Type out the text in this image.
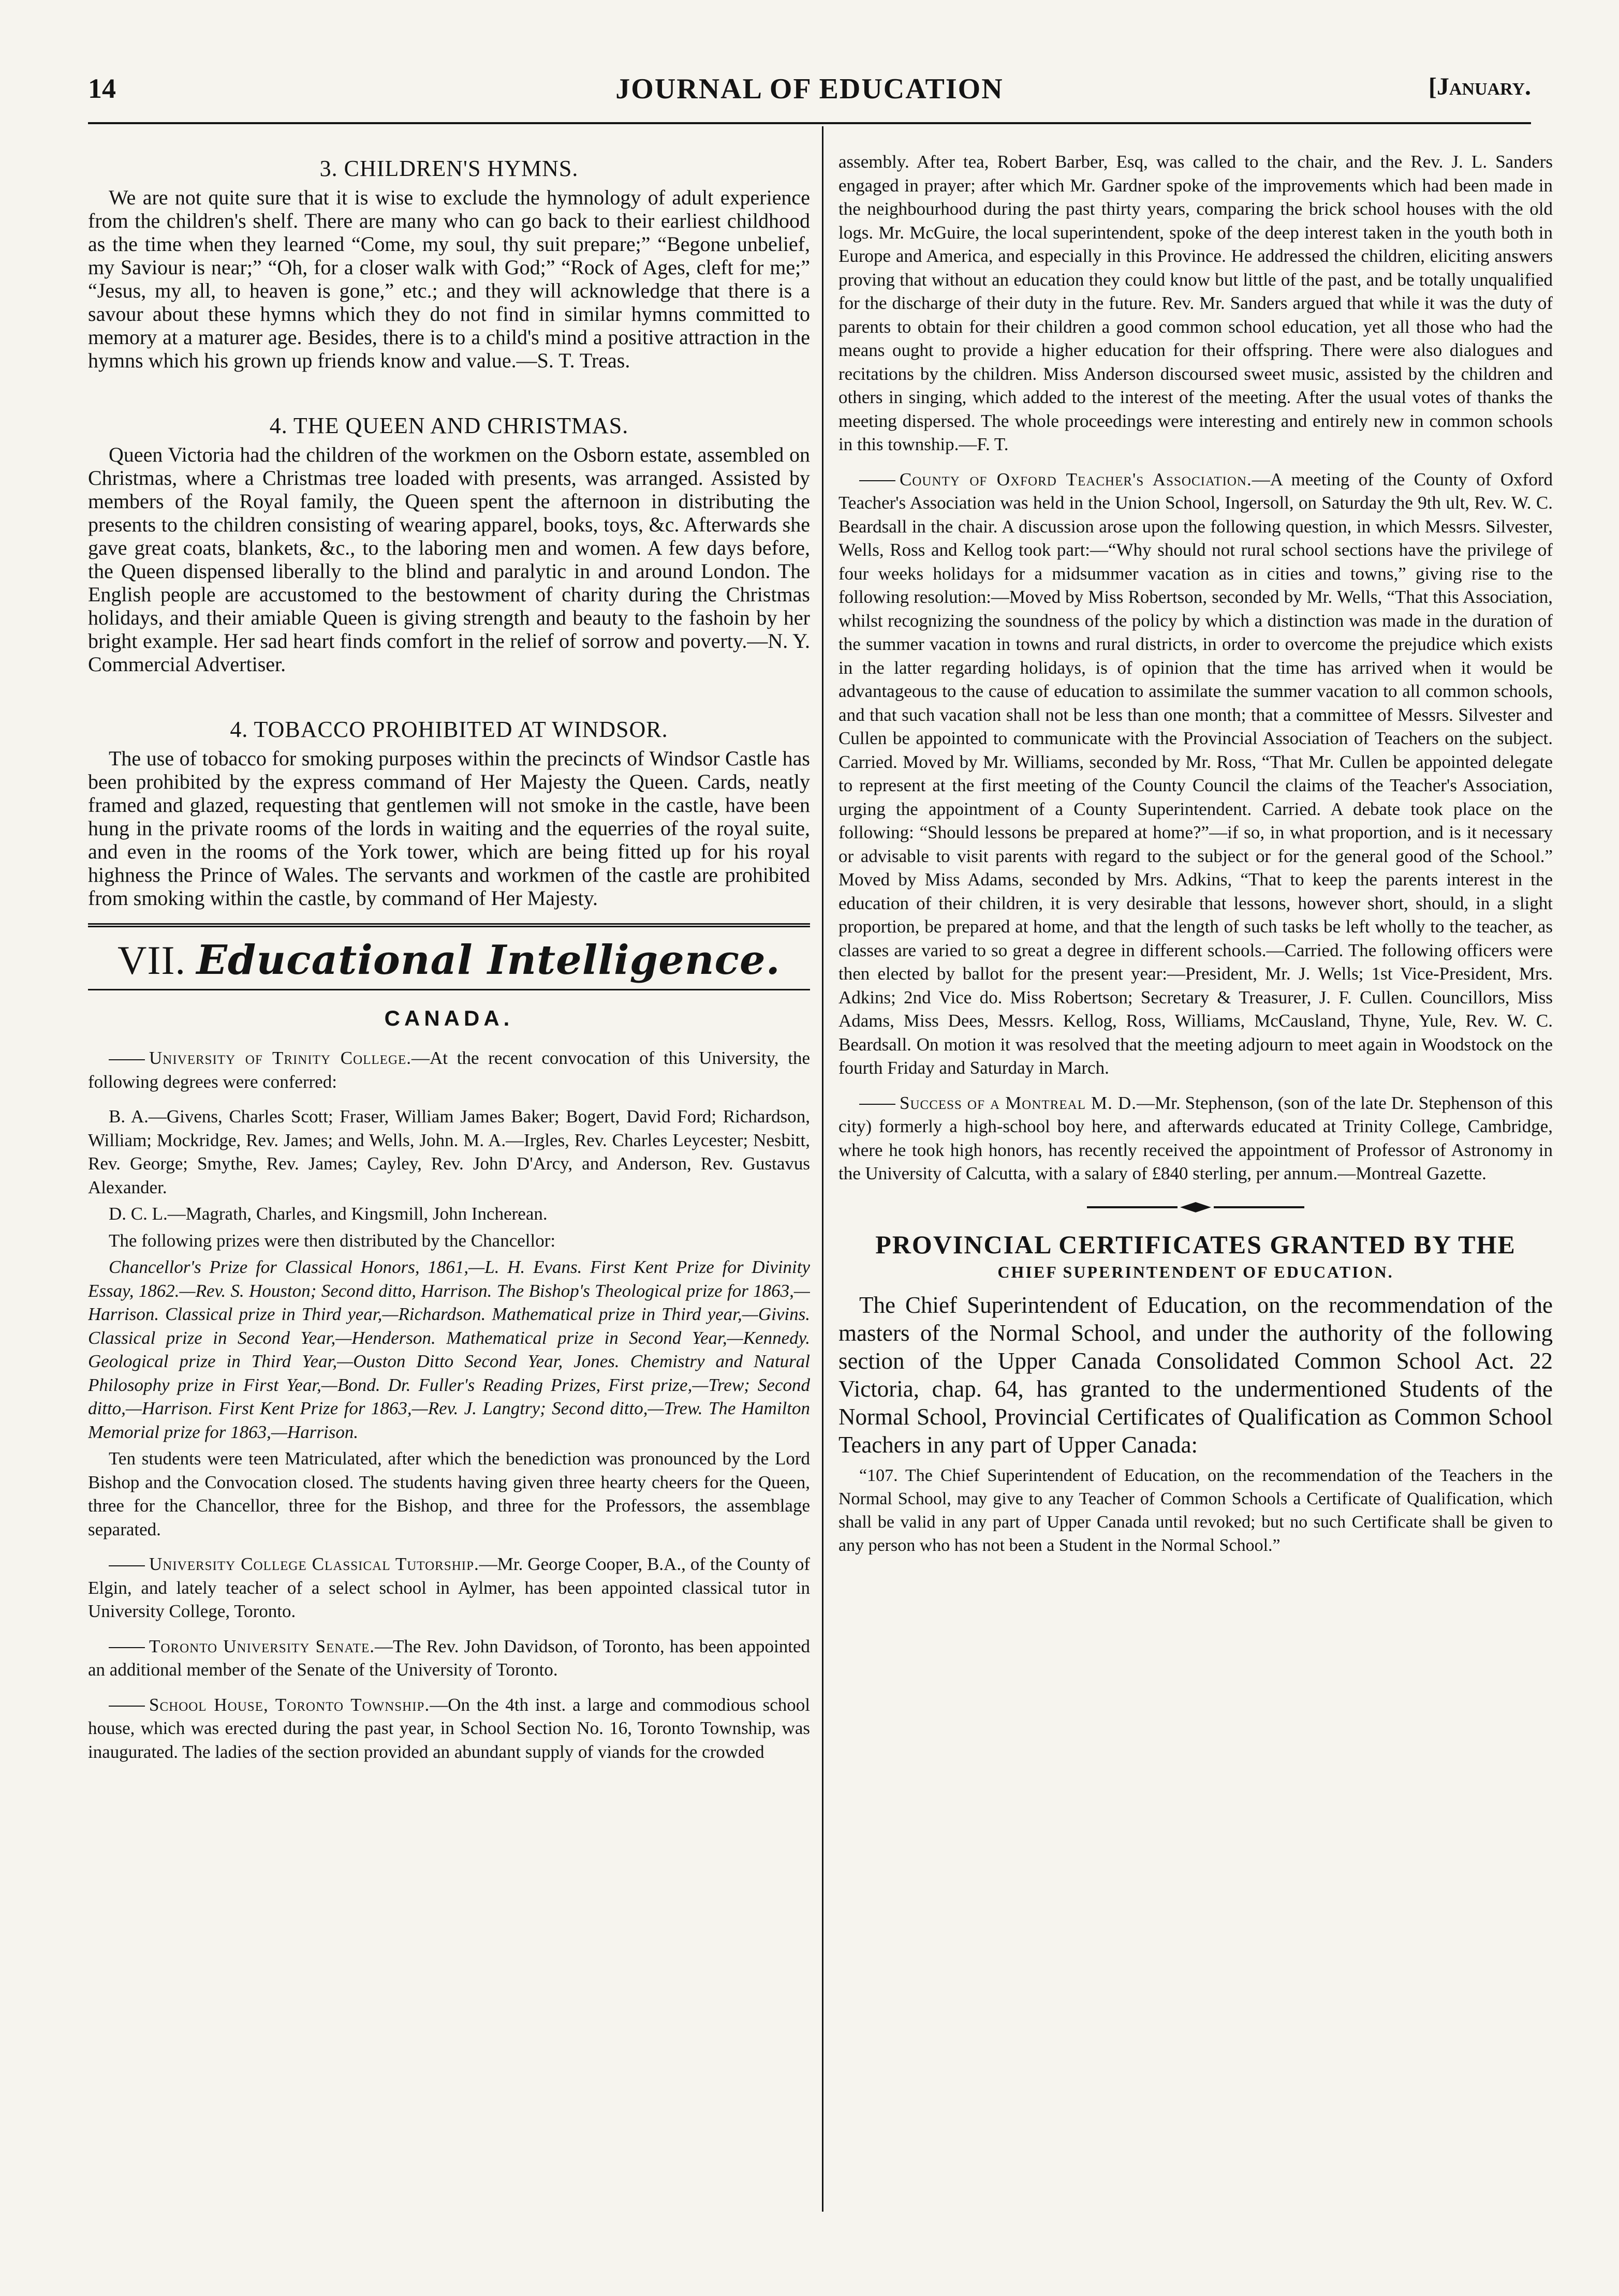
14	JOURNAL OF EDUCATION	[January.
3. CHILDREN'S HYMNS.

We are not quite sure that it is wise to exclude the hymnology of adult experience from the children's shelf. There are many who can go back to their earliest childhood as the time when they learned “Come, my soul, thy suit prepare;” “Begone unbelief, my Saviour is near;” “Oh, for a closer walk with God;” “Rock of Ages, cleft for me;” “Jesus, my all, to heaven is gone,” etc.; and they will acknowledge that there is a savour about these hymns which they do not find in similar hymns committed to memory at a maturer age. Besides, there is to a child's mind a positive attraction in the hymns which his grown up friends know and value.—S. T. Treas.

4. THE QUEEN AND CHRISTMAS.

Queen Victoria had the children of the workmen on the Osborn estate, assembled on Christmas, where a Christmas tree loaded with presents, was arranged. Assisted by members of the Royal family, the Queen spent the afternoon in distributing the presents to the children consisting of wearing apparel, books, toys, &c. Afterwards she gave great coats, blankets, &c., to the laboring men and women. A few days before, the Queen dispensed liberally to the blind and paralytic in and around London. The English people are accustomed to the bestowment of charity during the Christmas holidays, and their amiable Queen is giving strength and beauty to the fashoin by her bright example. Her sad heart finds comfort in the relief of sorrow and poverty.—N. Y. Commercial Advertiser.

4. TOBACCO PROHIBITED AT WINDSOR.

The use of tobacco for smoking purposes within the precincts of Windsor Castle has been prohibited by the express command of Her Majesty the Queen. Cards, neatly framed and glazed, requesting that gentlemen will not smoke in the castle, have been hung in the private rooms of the lords in waiting and the equerries of the royal suite, and even in the rooms of the York tower, which are being fitted up for his royal highness the Prince of Wales. The servants and workmen of the castle are prohibited from smoking within the castle, by command of Her Majesty.

VII. Educational Intelligence.
CANADA.

University of Trinity College.—At the recent convocation of this University, the following degrees were conferred:

B. A.—Givens, Charles Scott; Fraser, William James Baker; Bogert, David Ford; Richardson, William; Mockridge, Rev. James; and Wells, John. M. A.—Irgles, Rev. Charles Leycester; Nesbitt, Rev. George; Smythe, Rev. James; Cayley, Rev. John D'Arcy, and Anderson, Rev. Gustavus Alexander.

D. C. L.—Magrath, Charles, and Kingsmill, John Incherean.

The following prizes were then distributed by the Chancellor:

Chancellor's Prize for Classical Honors, 1861,—L. H. Evans. First Kent Prize for Divinity Essay, 1862.—Rev. S. Houston; Second ditto, Harrison. The Bishop's Theological prize for 1863,—Harrison. Classical prize in Third year,—Richardson. Mathematical prize in Third year,—Givins. Classical prize in Second Year,—Henderson. Mathematical prize in Second Year,—Kennedy. Geological prize in Third Year,—Ouston Ditto Second Year, Jones. Chemistry and Natural Philosophy prize in First Year,—Bond. Dr. Fuller's Reading Prizes, First prize,—Trew; Second ditto,—Harrison. First Kent Prize for 1863,—Rev. J. Langtry; Second ditto,—Trew. The Hamilton Memorial prize for 1863,—Harrison.

Ten students were teen Matriculated, after which the benediction was pronounced by the Lord Bishop and the Convocation closed. The students having given three hearty cheers for the Queen, three for the Chancellor, three for the Bishop, and three for the Professors, the assemblage separated.

University College Classical Tutorship.—Mr. George Cooper, B.A., of the County of Elgin, and lately teacher of a select school in Aylmer, has been appointed classical tutor in University College, Toronto.

Toronto University Senate.—The Rev. John Davidson, of Toronto, has been appointed an additional member of the Senate of the University of Toronto.

School House, Toronto Township.—On the 4th inst. a large and commodious school house, which was erected during the past year, in School Section No. 16, Toronto Township, was inaugurated. The ladies of the section provided an abundant supply of viands for the crowded

assembly. After tea, Robert Barber, Esq, was called to the chair, and the Rev. J. L. Sanders engaged in prayer; after which Mr. Gardner spoke of the improvements which had been made in the neighbourhood during the past thirty years, comparing the brick school houses with the old logs. Mr. McGuire, the local superintendent, spoke of the deep interest taken in the youth both in Europe and America, and especially in this Province. He addressed the children, eliciting answers proving that without an education they could know but little of the past, and be totally unqualified for the discharge of their duty in the future. Rev. Mr. Sanders argued that while it was the duty of parents to obtain for their children a good common school education, yet all those who had the means ought to provide a higher education for their offspring. There were also dialogues and recitations by the children. Miss Anderson discoursed sweet music, assisted by the children and others in singing, which added to the interest of the meeting. After the usual votes of thanks the meeting dispersed. The whole proceedings were interesting and entirely new in common schools in this township.—F. T.

County of Oxford Teacher's Association.—A meeting of the County of Oxford Teacher's Association was held in the Union School, Ingersoll, on Saturday the 9th ult, Rev. W. C. Beardsall in the chair. A discussion arose upon the following question, in which Messrs. Silvester, Wells, Ross and Kellog took part:—“Why should not rural school sections have the privilege of four weeks holidays for a midsummer vacation as in cities and towns,” giving rise to the following resolution:—Moved by Miss Robertson, seconded by Mr. Wells, “That this Association, whilst recognizing the soundness of the policy by which a distinction was made in the duration of the summer vacation in towns and rural districts, in order to overcome the prejudice which exists in the latter regarding holidays, is of opinion that the time has arrived when it would be advantageous to the cause of education to assimilate the summer vacation to all common schools, and that such vacation shall not be less than one month; that a committee of Messrs. Silvester and Cullen be appointed to communicate with the Provincial Association of Teachers on the subject. Carried. Moved by Mr. Williams, seconded by Mr. Ross, “That Mr. Cullen be appointed delegate to represent at the first meeting of the County Council the claims of the Teacher's Association, urging the appointment of a County Superintendent. Carried. A debate took place on the following: “Should lessons be prepared at home?”—if so, in what proportion, and is it necessary or advisable to visit parents with regard to the subject or for the general good of the School.” Moved by Miss Adams, seconded by Mrs. Adkins, “That to keep the parents interest in the education of their children, it is very desirable that lessons, however short, should, in a slight proportion, be prepared at home, and that the length of such tasks be left wholly to the teacher, as classes are varied to so great a degree in different schools.—Carried. The following officers were then elected by ballot for the present year:—President, Mr. J. Wells; 1st Vice-President, Mrs. Adkins; 2nd Vice do. Miss Robertson; Secretary & Treasurer, J. F. Cullen. Councillors, Miss Adams, Miss Dees, Messrs. Kellog, Ross, Williams, McCausland, Thyne, Yule, Rev. W. C. Beardsall. On motion it was resolved that the meeting adjourn to meet again in Woodstock on the fourth Friday and Saturday in March.

Success of a Montreal M. D.—Mr. Stephenson, (son of the late Dr. Stephenson of this city) formerly a high-school boy here, and afterwards educated at Trinity College, Cambridge, where he took high honors, has recently received the appointment of Professor of Astronomy in the University of Calcutta, with a salary of £840 sterling, per annum.—Montreal Gazette.

PROVINCIAL CERTIFICATES GRANTED BY THE
CHIEF SUPERINTENDENT OF EDUCATION.

The Chief Superintendent of Education, on the recommendation of the masters of the Normal School, and under the authority of the following section of the Upper Canada Consolidated Common School Act. 22 Victoria, chap. 64, has granted to the undermentioned Students of the Normal School, Provincial Certificates of Qualification as Common School Teachers in any part of Upper Canada:

“107. The Chief Superintendent of Education, on the recommendation of the Teachers in the Normal School, may give to any Teacher of Common Schools a Certificate of Qualification, which shall be valid in any part of Upper Canada until revoked; but no such Certificate shall be given to any person who has not been a Student in the Normal School.”
